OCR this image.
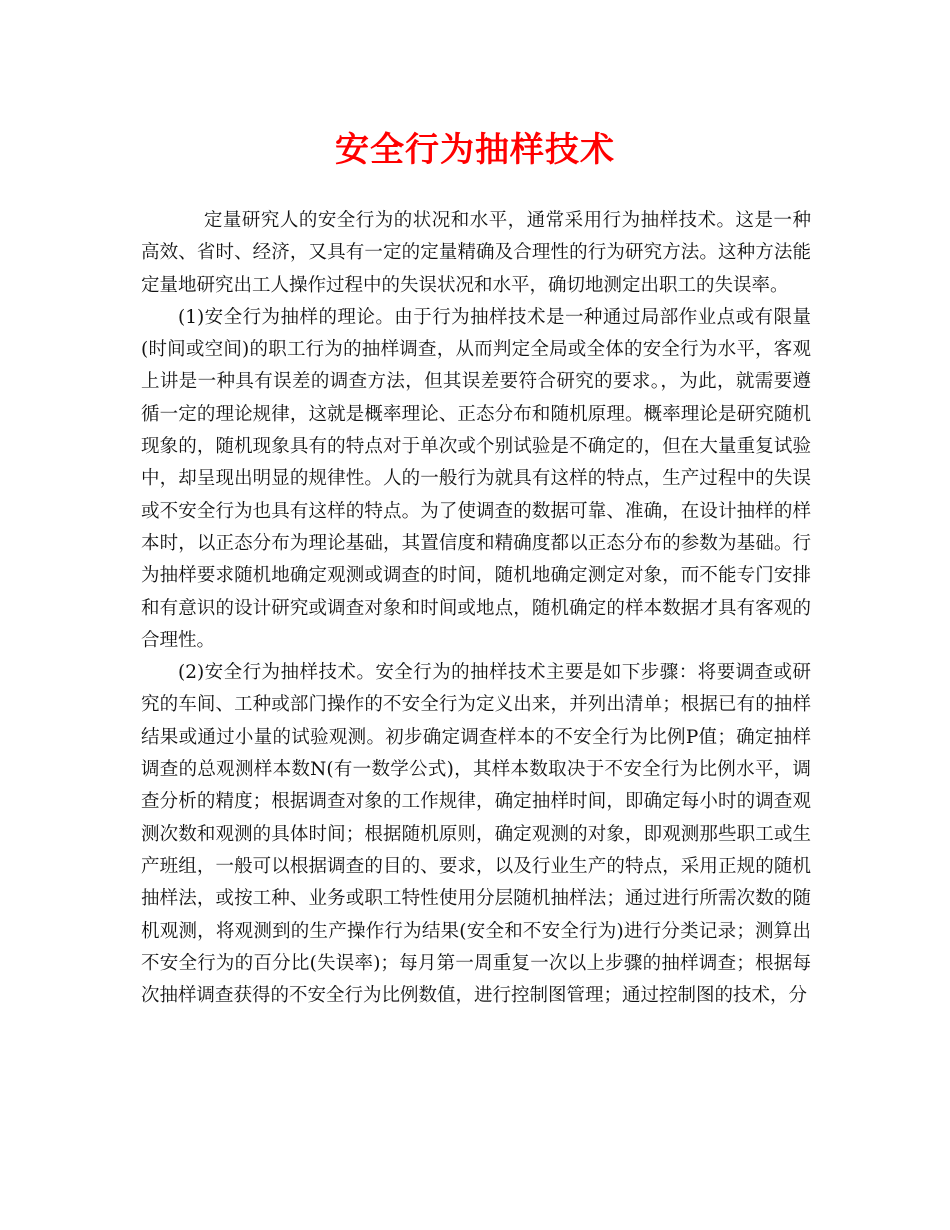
安全行为抽样技术

定量研究人的安全行为的状况和水平，通常采用行为抽样技术。这是一种高效、省时、经济，又具有一定的定量精确及合理性的行为研究方法。这种方法能定量地研究出工人操作过程中的失误状况和水平，确切地测定出职工的失误率。

(1)安全行为抽样的理论。由于行为抽样技术是一种通过局部作业点或有限量(时间或空间)的职工行为的抽样调查，从而判定全局或全体的安全行为水平，客观上讲是一种具有误差的调查方法，但其误差要符合研究的要求。，为此，就需要遵循一定的理论规律，这就是概率理论、正态分布和随机原理。概率理论是研究随机现象的，随机现象具有的特点对于单次或个别试验是不确定的，但在大量重复试验中，却呈现出明显的规律性。人的一般行为就具有这样的特点，生产过程中的失误或不安全行为也具有这样的特点。为了使调查的数据可靠、准确，在设计抽样的样本时，以正态分布为理论基础，其置信度和精确度都以正态分布的参数为基础。行为抽样要求随机地确定观测或调查的时间，随机地确定测定对象，而不能专门安排和有意识的设计研究或调查对象和时间或地点，随机确定的样本数据才具有客观的合理性。

(2)安全行为抽样技术。安全行为的抽样技术主要是如下步骤：将要调查或研究的车间、工种或部门操作的不安全行为定义出来，并列出清单；根据已有的抽样结果或通过小量的试验观测。初步确定调查样本的不安全行为比例P值；确定抽样调查的总观测样本数N(有一数学公式)，其样本数取决于不安全行为比例水平，调查分析的精度；根据调查对象的工作规律，确定抽样时间，即确定每小时的调查观测次数和观测的具体时间；根据随机原则，确定观测的对象，即观测那些职工或生产班组，一般可以根据调查的目的、要求，以及行业生产的特点，采用正规的随机抽样法，或按工种、业务或职工特性使用分层随机抽样法；通过进行所需次数的随机观测，将观测到的生产操作行为结果(安全和不安全行为)进行分类记录；测算出不安全行为的百分比(失误率)；每月第一周重复一次以上步骤的抽样调查；根据每次抽样调查获得的不安全行为比例数值，进行控制图管理；通过控制图的技术，分
